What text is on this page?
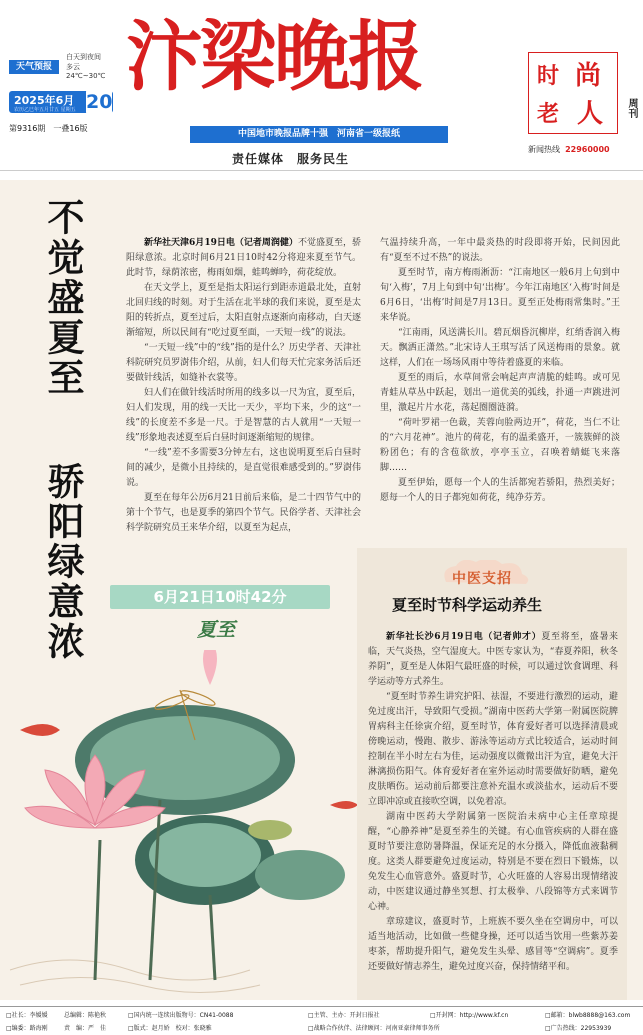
天气预报
白天到夜间
多云
24℃~30℃
2025年6月
农历乙巳年五月廿五 星期五 20
第9316期　一叠16版
汴梁晚报
中国地市晚报品牌十强　河南省一级报纸
责任媒体　服务民生
时 尚
老 人 周刊
新闻热线 22960000
不觉盛夏至
骄阳绿意浓

新华社天津6月19日电（记者周润健）不觉盛夏至，骄阳绿意浓。北京时间6月21日10时42分将迎来夏至节气。此时节，绿荫浓密，梅雨如烟，蛙鸣蝉吟，荷花绽放。

在天文学上，夏至是指太阳运行到距赤道最北处，直射北回归线的时刻。对于生活在北半球的我们来说，夏至是太阳的转折点，夏至过后，太阳直射点逐渐向南移动，白天逐渐缩短，所以民间有“吃过夏至面，一天短一线”的说法。

“一天短一线”中的“线”指的是什么？历史学者、天津社科院研究员罗澍伟介绍，从前，妇人们每天忙完家务活后还要做针线活，如缝补衣裳等。

妇人们在做针线活时所用的线多以一尺为宜，夏至后，妇人们发现，用的线一天比一天少，平均下来，少的这“一线”的长度差不多是一尺。于是智慧的古人就用“一天短一线”形象地表述夏至后白昼时间逐渐缩短的规律。

“一线”差不多需要3分钟左右，这也说明夏至后白昼时间的减少，是微小且持续的，是直觉很难感受到的。”罗澍伟说。

夏至在每年公历6月21日前后来临，是二十四节气中的第十个节气，也是夏季的第四个节气。民俗学者、天津社会科学院研究员王来华介绍，以夏至为起点，

气温持续升高，一年中最炎热的时段即将开始，民间因此有“夏至不过不热”的说法。

夏至时节，南方梅雨淅沥：“江南地区一般6月上旬到中旬‘入梅’，7月上旬到中旬‘出梅’。今年江南地区‘入梅’时间是6月6日，‘出梅’时间是7月13日。夏至正处梅雨常集时。”王来华说。

“江南雨，风送满长川。碧瓦烟昏沉柳岸，红绡香润入梅天。飘洒正潇然。”北宋诗人王琪写活了风送梅雨的景象。就这样，人们在一场场风雨中等待着盛夏的来临。

夏至的雨后，水草间常会响起声声清脆的蛙鸣。或可见青蛙从草丛中跃起，划出一道优美的弧线，扑通一声跳进河里，激起片片水花，荡起圈圈涟漪。

“荷叶罗裙一色裁，芙蓉向脸两边开”，荷花，当仁不让的“六月花神”。池片的荷花，有的温柔盛开，一簇簇鲜的淡粉团色；有的含苞欲放，亭亭玉立，召唤着蜻蜓飞来落脚……

夏至伊始，愿每一个人的生活都宛若骄阳，热烈美好；愿每一个人的日子都宛如荷花，纯净芬芳。

6月21日10时42分
夏至
中医支招
夏至时节科学运动养生

新华社长沙6月19日电（记者帅才）夏至将至，盛暑来临，天气炎热，空气湿度大。中医专家认为，“春夏养阳，秋冬养阴”，夏至是人体阳气最旺盛的时候，可以通过饮食调理、科学运动等方式养生。

“夏至时节养生讲究护阳、祛湿，不要进行激烈的运动，避免过度出汗，导致阳气受损。”湖南中医药大学第一附属医院脾胃病科主任徐寅介绍，夏至时节，体育爱好者可以选择清晨或傍晚运动，慢跑、散步、游泳等运动方式比较适合，运动时间控制在半小时左右为佳，运动强度以微微出汗为宜，避免大汗淋漓损伤阳气。体育爱好者在室外运动时需要做好防晒，避免皮肤晒伤。运动前后都要注意补充温水或淡盐水，运动后不要立即冲凉或直接吹空调，以免着凉。

湖南中医药大学附属第一医院治未病中心主任章琼提醒，“心静养神”是夏至养生的关键。有心血管疾病的人群在盛夏时节要注意防暑降温，保证充足的水分摄入，降低血液黏稠度。这类人群要避免过度运动，特别是不要在烈日下锻炼，以免发生心血管意外。盛夏时节，心火旺盛的人容易出现情绪波动，中医建议通过静坐冥想、打太极拳、八段锦等方式来调节心神。

章琼建议，盛夏时节，上班族不要久坐在空调房中，可以适当地活动，比如做一些健身操，还可以适当饮用一些紫苏姜枣茶，帮助提升阳气，避免发生头晕、感冒等“空调病”。夏季还要做好情志养生，避免过度兴奋，保持情绪平和。

□社长：李媛媛	总编辑：陈艳秋	□国内统一连续出版物号：CN41-0088	□主管、主办：开封日报社	□开封网：http://www.kf.cn	□邮箱：blwb8888@163.com
□编委：路海刚	责　编：严　佳	□版式：赵月娇　校对：张晓雅	□战略合作伙伴、法律顾问：河南亚豪律师事务所	□广告热线：22953939
